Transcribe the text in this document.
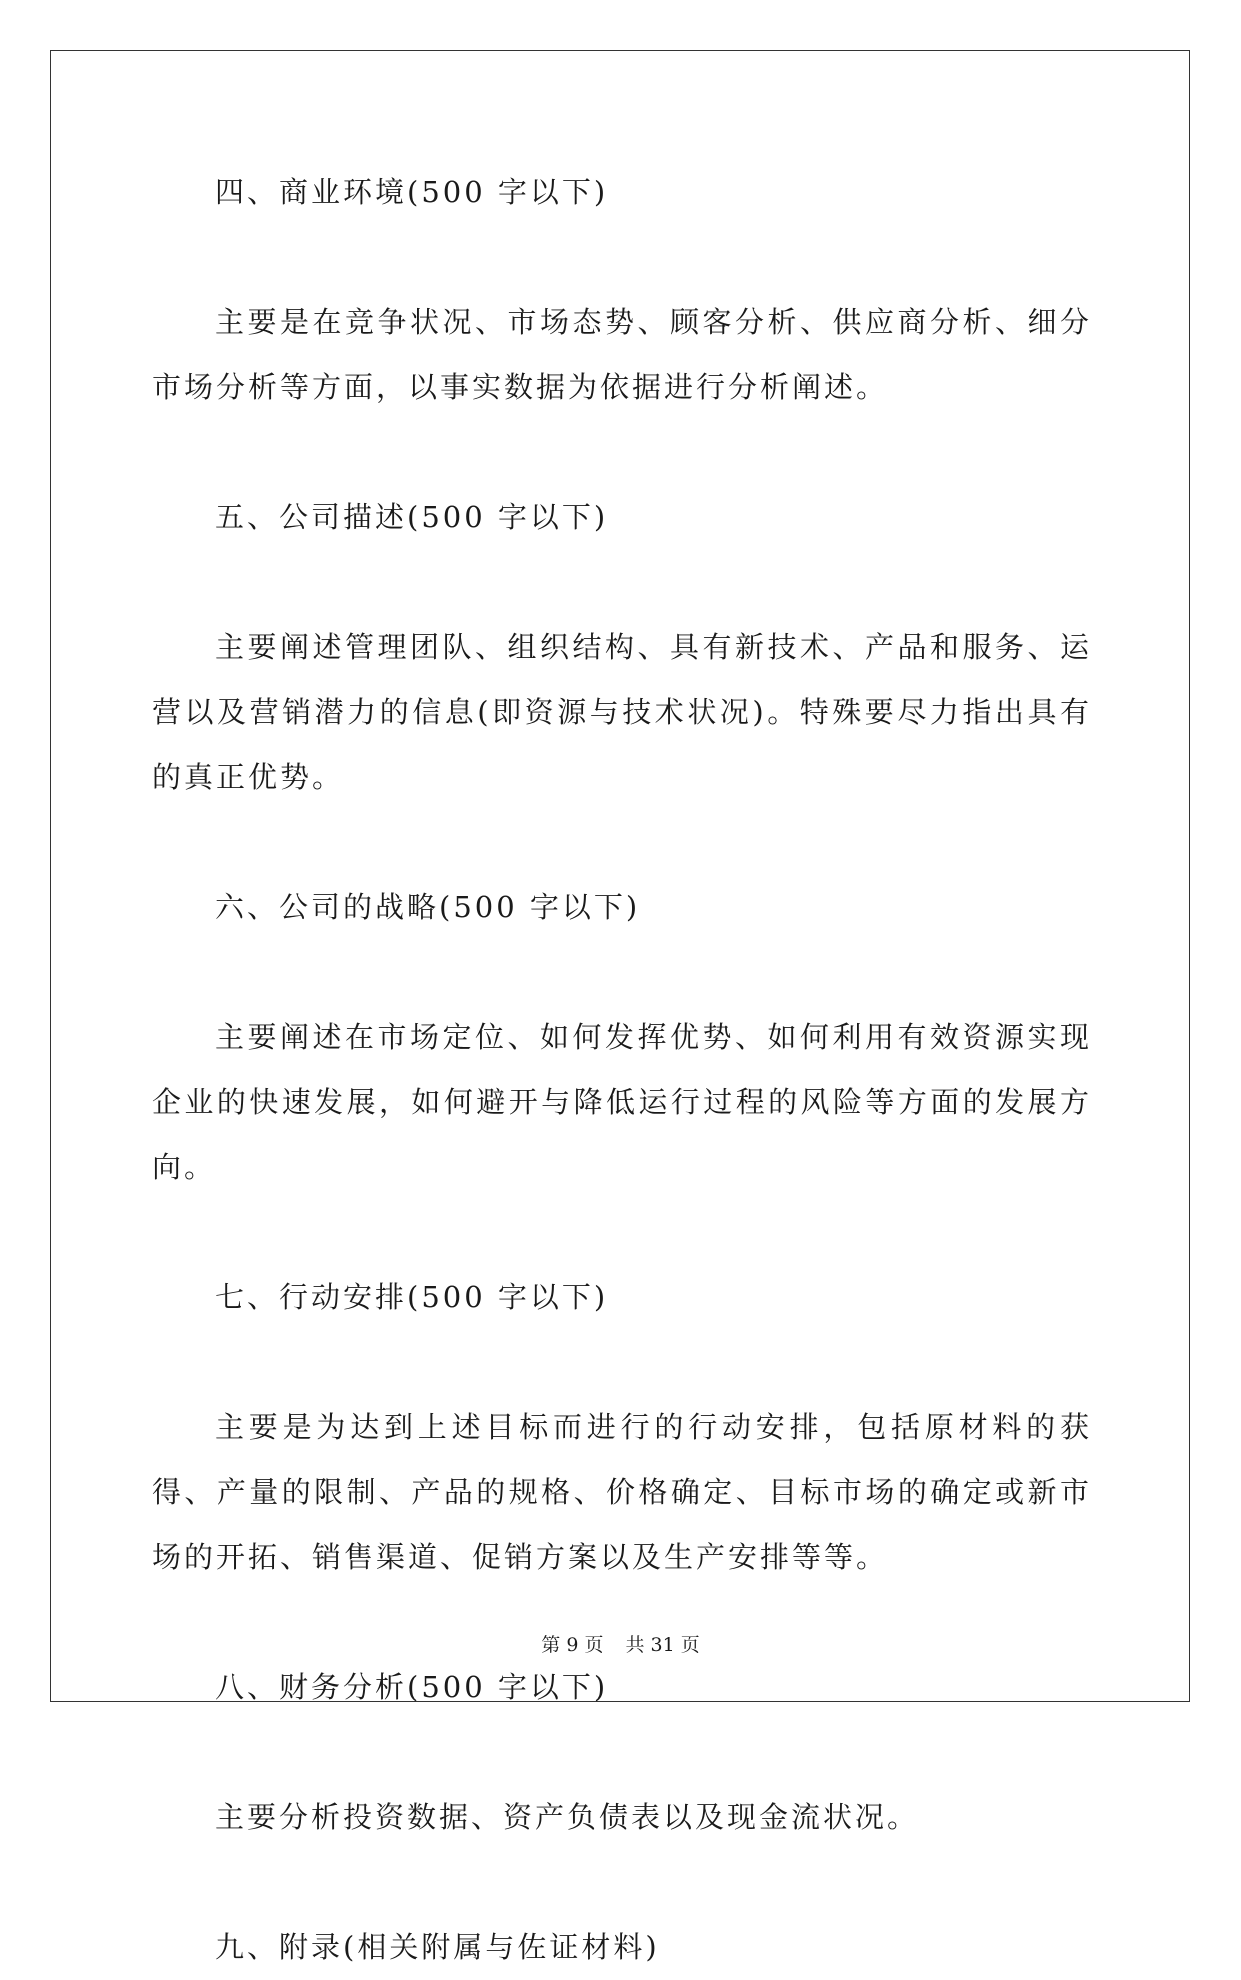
四、商业环境(500 字以下)

主要是在竞争状况、市场态势、顾客分析、供应商分析、细分市场分析等方面，以事实数据为依据进行分析阐述。

五、公司描述(500 字以下)

主要阐述管理团队、组织结构、具有新技术、产品和服务、运营以及营销潜力的信息(即资源与技术状况)。特殊要尽力指出具有的真正优势。

六、公司的战略(500 字以下)

主要阐述在市场定位、如何发挥优势、如何利用有效资源实现企业的快速发展，如何避开与降低运行过程的风险等方面的发展方向。

七、行动安排(500 字以下)

主要是为达到上述目标而进行的行动安排，包括原材料的获得、产量的限制、产品的规格、价格确定、目标市场的确定或新市场的开拓、销售渠道、促销方案以及生产安排等等。

八、财务分析(500 字以下)

主要分析投资数据、资产负债表以及现金流状况。

九、附录(相关附属与佐证材料)

第 9 页 共 31 页
